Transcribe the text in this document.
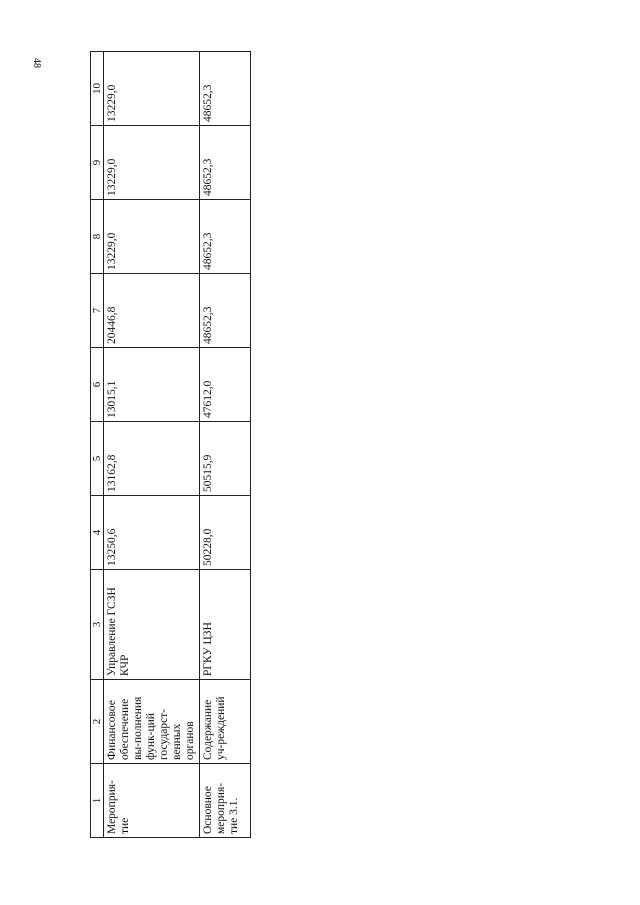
48
1	2	3	4	5	6	7	8	9	10
Мероприя-тие	Финансовое обеспечение вы-полнения функ-ций государст-венных органов	Управление ГСЗН КЧР	13250,6	13162,8	13015,1	20446,8	13229,0	13229,0	13229,0
Основное мероприя-тие 3.1.	Содержание уч-реждений	РГКУ ЦЗН	50228,0	50515,9	47612,0	48652,3	48652,3	48652,3	48652,3
